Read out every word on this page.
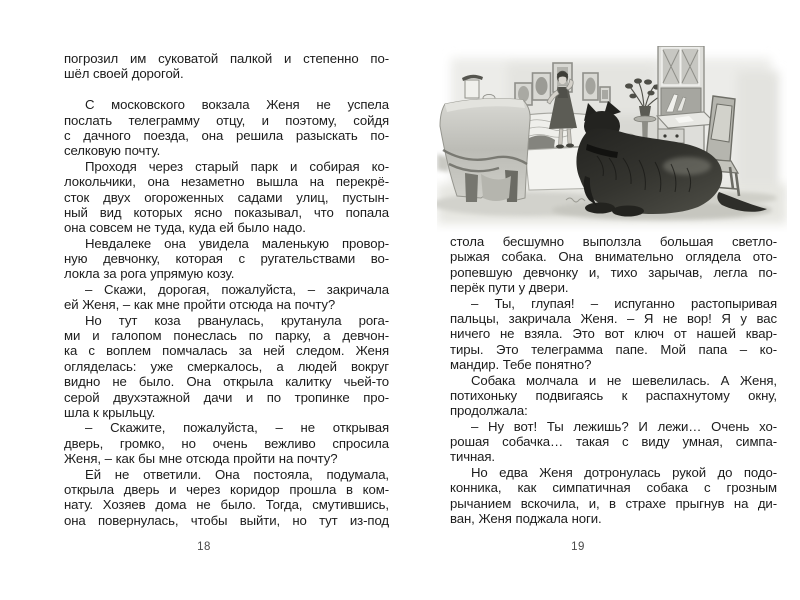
погрозил им суковатой палкой и степенно по-
шёл своей дорогой.

С московского вокзала Женя не успела
послать телеграмму отцу, и поэтому, сойдя
с дачного поезда, она решила разыскать по-
селковую почту.
Проходя через старый парк и собирая ко-
локольчики, она незаметно вышла на перекрё-
сток двух огороженных садами улиц, пустын-
ный вид которых ясно показывал, что попала
она совсем не туда, куда ей было надо.
Невдалеке она увидела маленькую провор-
ную девчонку, которая с ругательствами во-
локла за рога упрямую козу.
– Скажи, дорогая, пожалуйста, – закричала
ей Женя, – как мне пройти отсюда на почту?
Но тут коза рванулась, крутанула рога-
ми и галопом понеслась по парку, а девчон-
ка с воплем помчалась за ней следом. Женя
огляделась: уже смеркалось, а людей вокруг
видно не было. Она открыла калитку чьей-то
серой двухэтажной дачи и по тропинке про-
шла к крыльцу.
– Скажите, пожалуйста, – не открывая
дверь, громко, но очень вежливо спросила
Женя, – как бы мне отсюда пройти на почту?
Ей не ответили. Она постояла, подумала,
открыла дверь и через коридор прошла в ком-
нату. Хозяев дома не было. Тогда, смутившись,
она повернулась, чтобы выйти, но тут из-под
18
стола бесшумно выползла большая светло-
рыжая собака. Она внимательно оглядела ото-
ропевшую девчонку и, тихо зарычав, легла по-
перёк пути у двери.
– Ты, глупая! – испуганно растопыривая
пальцы, закричала Женя. – Я не вор! Я у вас
ничего не взяла. Это вот ключ от нашей квар-
тиры. Это телеграмма папе. Мой папа – ко-
мандир. Тебе понятно?
Собака молчала и не шевелилась. А Женя,
потихоньку подвигаясь к распахнутому окну,
продолжала:
– Ну вот! Ты лежишь? И лежи… Очень хо-
рошая собачка… такая с виду умная, симпа-
тичная.
Но едва Женя дотронулась рукой до подо-
конника, как симпатичная собака с грозным
рычанием вскочила, и, в страхе прыгнув на ди-
ван, Женя поджала ноги.
19
